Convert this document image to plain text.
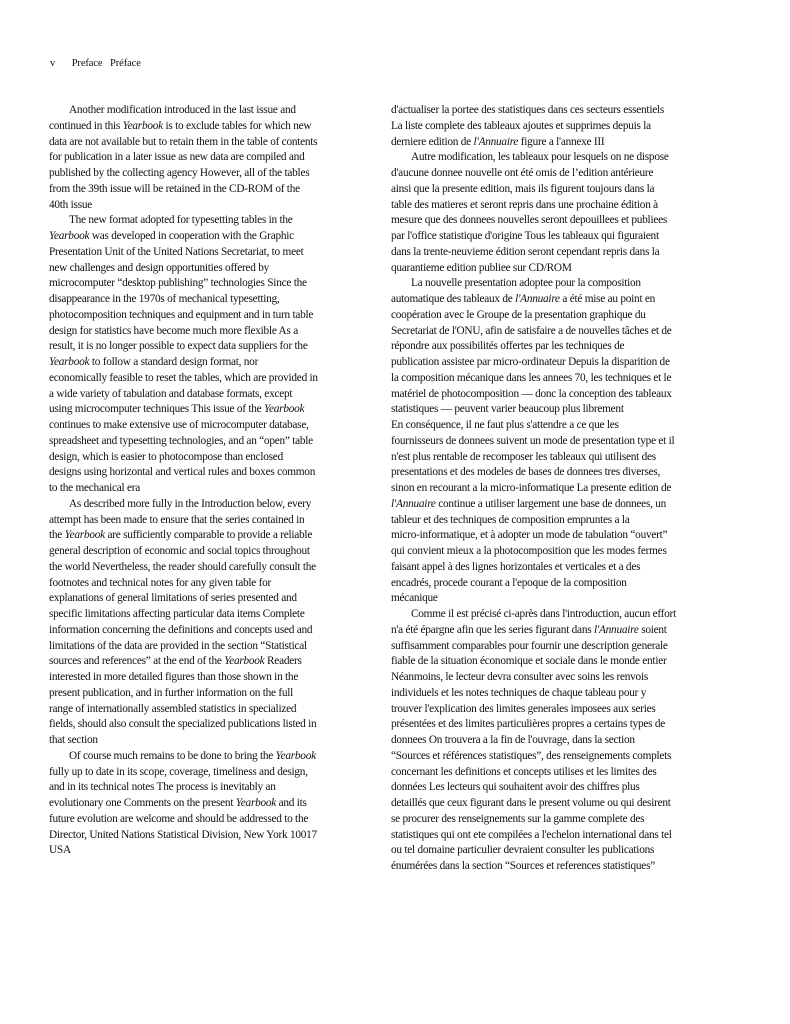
v Preface Préface
Another modification introduced in the last issue and
continued in this Yearbook is to exclude tables for which new
data are not available but to retain them in the table of contents
for publication in a later issue as new data are compiled and
published by the collecting agency However, all of the tables
from the 39th issue will be retained in the CD-ROM of the
40th issue
The new format adopted for typesetting tables in the
Yearbook was developed in cooperation with the Graphic
Presentation Unit of the United Nations Secretariat, to meet
new challenges and design opportunities offered by
microcomputer “desktop publishing” technologies Since the
disappearance in the 1970s of mechanical typesetting,
photocomposition techniques and equipment and in turn table
design for statistics have become much more flexible As a
result, it is no longer possible to expect data suppliers for the
Yearbook to follow a standard design format, nor
economically feasible to reset the tables, which are provided in
a wide variety of tabulation and database formats, except
using microcomputer techniques This issue of the Yearbook
continues to make extensive use of microcomputer database,
spreadsheet and typesetting technologies, and an “open” table
design, which is easier to photocompose than enclosed
designs using horizontal and vertical rules and boxes common
to the mechanical era
As described more fully in the Introduction below, every
attempt has been made to ensure that the series contained in
the Yearbook are sufficiently comparable to provide a reliable
general description of economic and social topics throughout
the world Nevertheless, the reader should carefully consult the
footnotes and technical notes for any given table for
explanations of general limitations of series presented and
specific limitations affecting particular data items Complete
information concerning the definitions and concepts used and
limitations of the data are provided in the section “Statistical
sources and references” at the end of the Yearbook Readers
interested in more detailed figures than those shown in the
present publication, and in further information on the full
range of internationally assembled statistics in specialized
fields, should also consult the specialized publications listed in
that section
Of course much remains to be done to bring the Yearbook
fully up to date in its scope, coverage, timeliness and design,
and in its technical notes The process is inevitably an
evolutionary one Comments on the present Yearbook and its
future evolution are welcome and should be addressed to the
Director, United Nations Statistical Division, New York 10017
USA
d'actualiser la portee des statistiques dans ces secteurs essentiels
La liste complete des tableaux ajoutes et supprimes depuis la
derniere edition de l'Annuaire figure a l'annexe III
Autre modification, les tableaux pour lesquels on ne dispose
d'aucune donnee nouvelle ont été omis de l’edition antérieure
ainsi que la presente edition, mais ils figurent toujours dans la
table des matieres et seront repris dans une prochaine édition à
mesure que des donnees nouvelles seront depouillees et publiees
par l'office statistique d'origine Tous les tableaux qui figuraient
dans la trente-neuvieme édition seront cependant repris dans la
quarantieme edition publiee sur CD/ROM
La nouvelle presentation adoptee pour la composition
automatique des tableaux de l'Annuaire a été mise au point en
coopération avec le Groupe de la presentation graphique du
Secretariat de l'ONU, afin de satisfaire a de nouvelles tâches et de
répondre aux possibilités offertes par les techniques de
publication assistee par micro-ordinateur Depuis la disparition de
la composition mécanique dans les annees 70, les techniques et le
matériel de photocomposition — donc la conception des tableaux
statistiques — peuvent varier beaucoup plus librement
En conséquence, il ne faut plus s'attendre a ce que les
fournisseurs de donnees suivent un mode de presentation type et il
n'est plus rentable de recomposer les tableaux qui utilisent des
presentations et des modeles de bases de donnees tres diverses,
sinon en recourant a la micro-informatique La presente edition de
l'Annuaire continue a utiliser largement une base de donnees, un
tableur et des techniques de composition empruntes a la
micro-informatique, et à adopter un mode de tabulation “ouvert”
qui convient mieux a la photocomposition que les modes fermes
faisant appel à des lignes horizontales et verticales et a des
encadrés, procede courant a l'epoque de la composition
mécanique
Comme il est précisé ci-après dans l'introduction, aucun effort
n'a été épargne afin que les series figurant dans l'Annuaire soient
suffisamment comparables pour fournir une description generale
fiable de la situation économique et sociale dans le monde entier
Néanmoins, le lecteur devra consulter avec soins les renvois
individuels et les notes techniques de chaque tableau pour y
trouver l'explication des limites generales imposees aux series
présentées et des limites particulières propres a certains types de
donnees On trouvera a la fin de l'ouvrage, dans la section
“Sources et références statistiques”, des renseignements complets
concernant les definitions et concepts utilises et les limites des
données Les lecteurs qui souhaitent avoir des chiffres plus
detaillés que ceux figurant dans le present volume ou qui desirent
se procurer des renseignements sur la gamme complete des
statistiques qui ont ete compilées a l'echelon international dans tel
ou tel domaine particulier devraient consulter les publications
énumérées dans la section “Sources et references statistiques”
